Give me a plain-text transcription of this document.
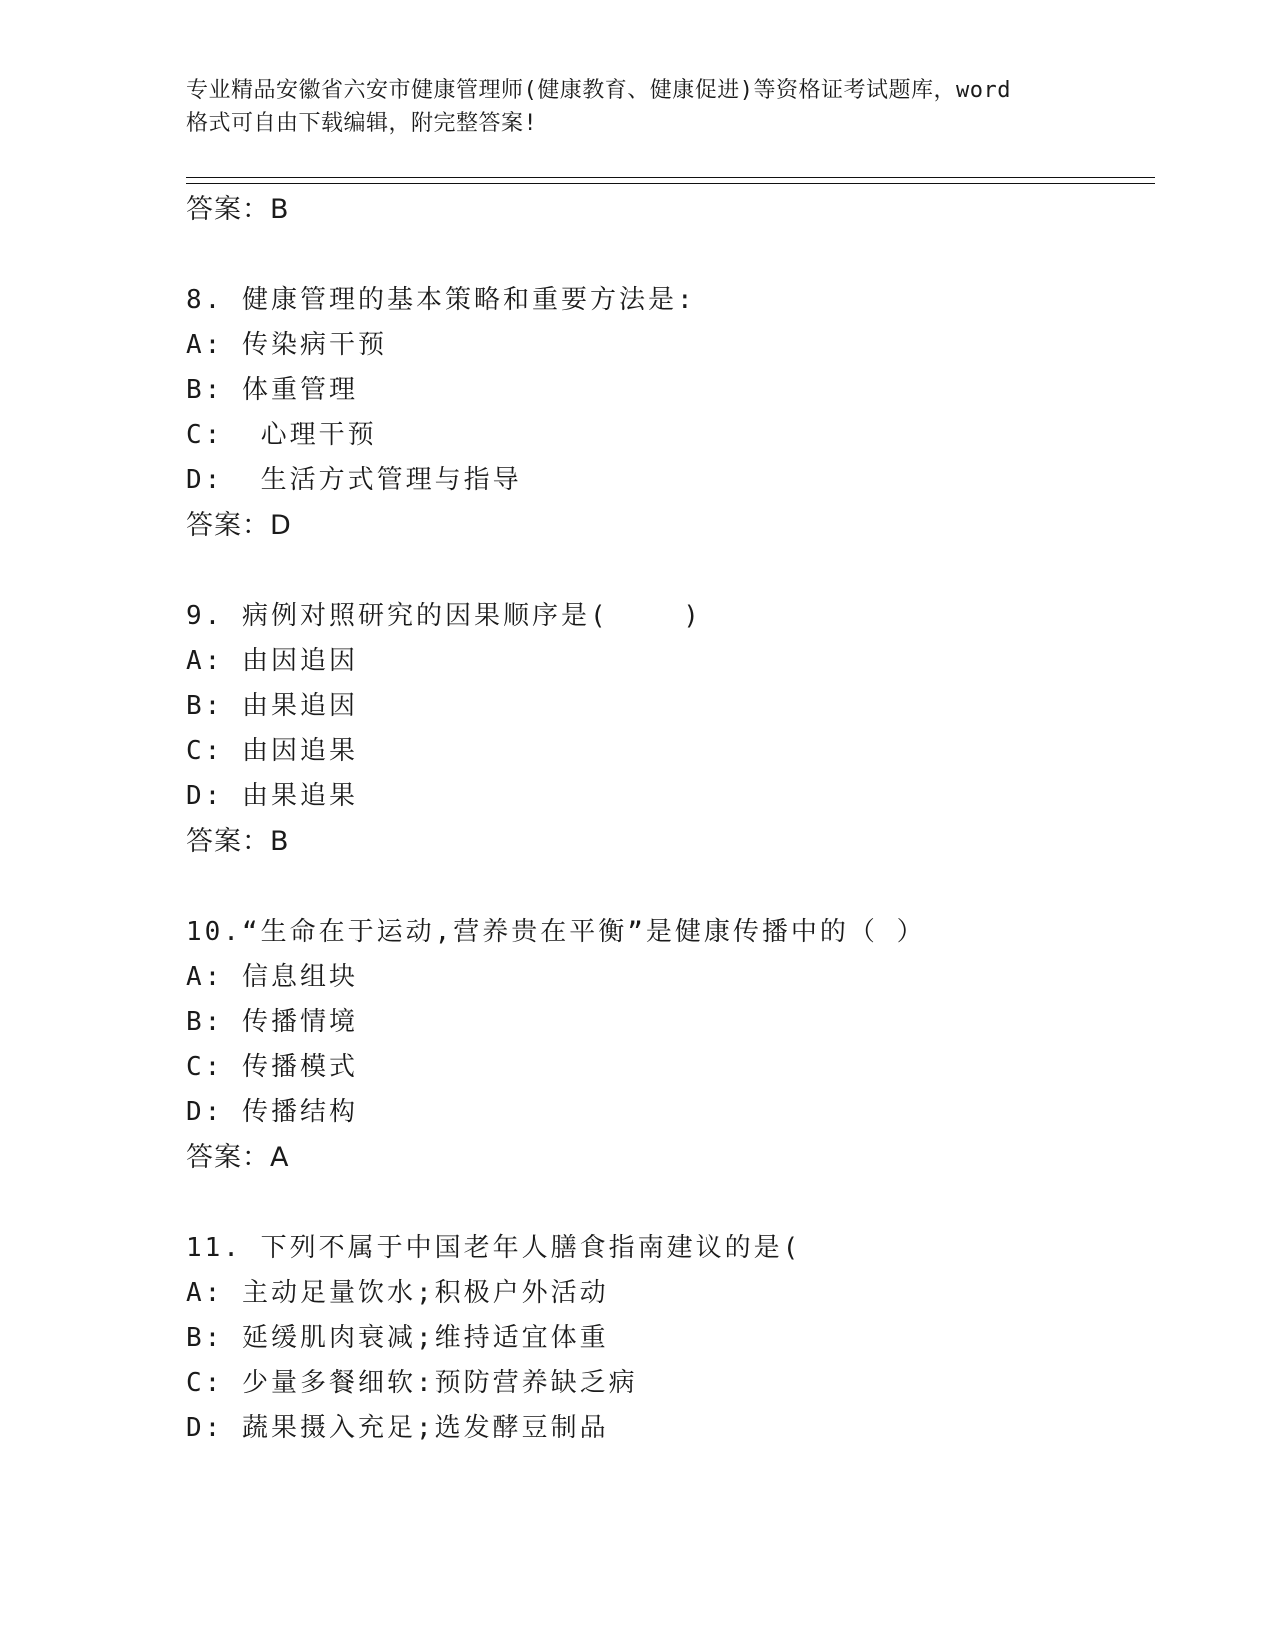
专业精品安徽省六安市健康管理师(健康教育、健康促进)等资格证考试题库，word
格式可自由下载编辑，附完整答案!
答案：B
8. 健康管理的基本策略和重要方法是:
A: 传染病干预
B: 体重管理
C:  心理干预
D:  生活方式管理与指导
答案：D
9. 病例对照研究的因果顺序是(    )
A: 由因追因
B: 由果追因
C: 由因追果
D: 由果追果
答案：B
10.“生命在于运动,营养贵在平衡”是健康传播中的（ ）
A: 信息组块
B: 传播情境
C: 传播模式
D: 传播结构
答案：A
11. 下列不属于中国老年人膳食指南建议的是(
A: 主动足量饮水;积极户外活动
B: 延缓肌肉衰减;维持适宜体重
C: 少量多餐细软:预防营养缺乏病
D: 蔬果摄入充足;选发酵豆制品
